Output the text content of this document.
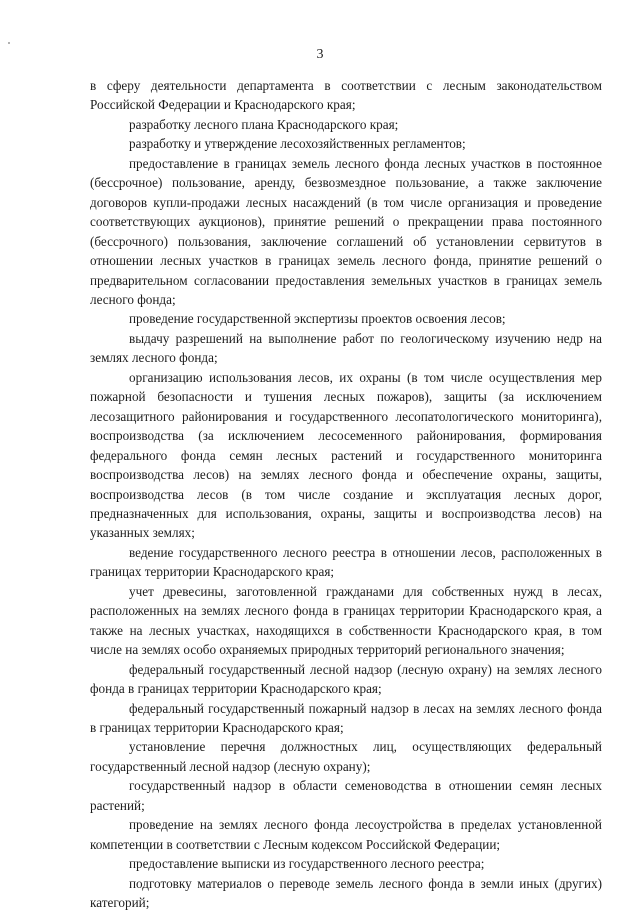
3

в сферу деятельности департамента в соответствии с лесным законодательством Российской Федерации и Краснодарского края;

разработку лесного плана Краснодарского края;

разработку и утверждение лесохозяйственных регламентов;

предоставление в границах земель лесного фонда лесных участков в постоянное (бессрочное) пользование, аренду, безвозмездное пользование, а также заключение договоров купли-продажи лесных насаждений (в том числе организация и проведение соответствующих аукционов), принятие решений о прекращении права постоянного (бессрочного) пользования, заключение соглашений об установлении сервитутов в отношении лесных участков в границах земель лесного фонда, принятие решений о предварительном согласовании предоставления земельных участков в границах земель лесного фонда;

проведение государственной экспертизы проектов освоения лесов;

выдачу разрешений на выполнение работ по геологическому изучению недр на землях лесного фонда;

организацию использования лесов, их охраны (в том числе осуществления мер пожарной безопасности и тушения лесных пожаров), защиты (за исключением лесозащитного районирования и государственного лесопатологического мониторинга), воспроизводства (за исключением лесосеменного районирования, формирования федерального фонда семян лесных растений и государственного мониторинга воспроизводства лесов) на землях лесного фонда и обеспечение охраны, защиты, воспроизводства лесов (в том числе создание и эксплуатация лесных дорог, предназначенных для использования, охраны, защиты и воспроизводства лесов) на указанных землях;

ведение государственного лесного реестра в отношении лесов, расположенных в границах территории Краснодарского края;

учет древесины, заготовленной гражданами для собственных нужд в лесах, расположенных на землях лесного фонда в границах территории Краснодарского края, а также на лесных участках, находящихся в собственности Краснодарского края, в том числе на землях особо охраняемых природных территорий регионального значения;

федеральный государственный лесной надзор (лесную охрану) на землях лесного фонда в границах территории Краснодарского края;

федеральный государственный пожарный надзор в лесах на землях лесного фонда в границах территории Краснодарского края;

установление перечня должностных лиц, осуществляющих федеральный государственный лесной надзор (лесную охрану);

государственный надзор в области семеноводства в отношении семян лесных растений;

проведение на землях лесного фонда лесоустройства в пределах установленной компетенции в соответствии с Лесным кодексом Российской Федерации;

предоставление выписки из государственного лесного реестра;

подготовку материалов о переводе земель лесного фонда в земли иных (других) категорий;
